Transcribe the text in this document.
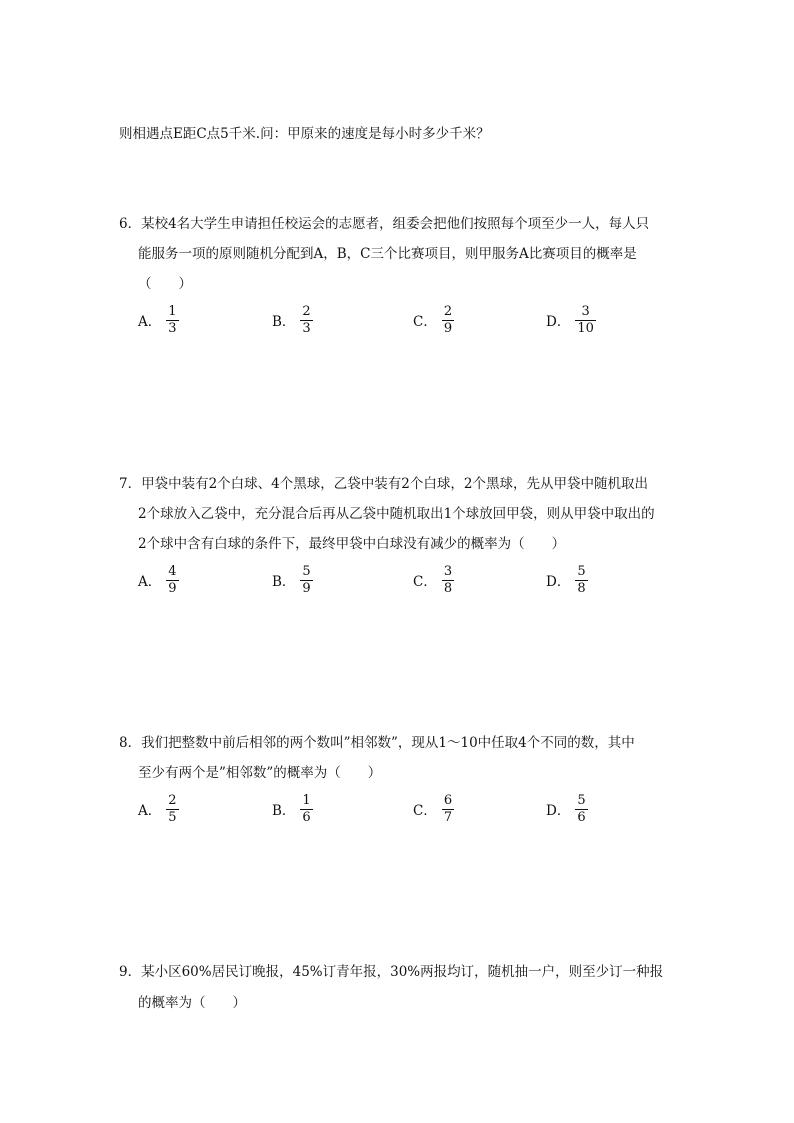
则相遇点E距C点5千米.问：甲原来的速度是每小时多少千米？
6．某校4名大学生申请担任校运会的志愿者，组委会把他们按照每个项至少一人，每人只
能服务一项的原则随机分配到A，B，C三个比赛项目，则甲服务A比赛项目的概率是
（　　）
A． $\frac{1}{3}$	B． $\frac{2}{3}$	C． $\frac{2}{9}$	D． $\frac{3}{10}$
7．甲袋中装有2个白球、4个黑球，乙袋中装有2个白球，2个黑球，先从甲袋中随机取出
2个球放入乙袋中，充分混合后再从乙袋中随机取出1个球放回甲袋，则从甲袋中取出的
2个球中含有白球的条件下，最终甲袋中白球没有减少的概率为（　　）
A． $\frac{4}{9}$	B． $\frac{5}{9}$	C． $\frac{3}{8}$	D． $\frac{5}{8}$
8．我们把整数中前后相邻的两个数叫”相邻数”，现从1～10中任取4个不同的数，其中
至少有两个是”相邻数”的概率为（　　）
A． $\frac{2}{5}$	B． $\frac{1}{6}$	C． $\frac{6}{7}$	D． $\frac{5}{6}$
9．某小区60%居民订晚报，45%订青年报，30%两报均订，随机抽一户，则至少订一种报
的概率为（　　）
